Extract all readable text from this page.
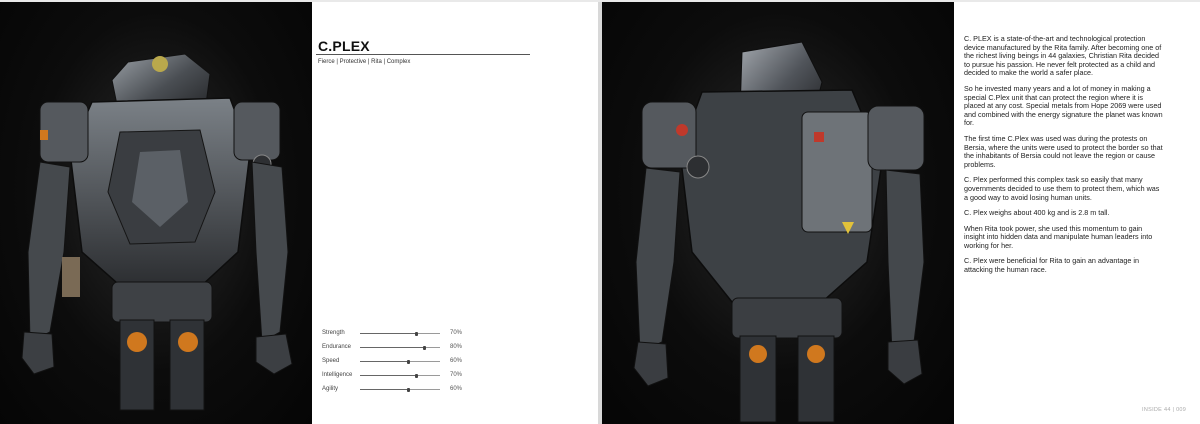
C.PLEX
Fierce | Protective | Rita | Complex
Strength	70%
Endurance	80%
Speed	60%
Intelligence	70%
Agility	60%

C. PLEX is a state-of-the-art and technological protection device manufactured by the Rita family. After becoming one of the richest living beings in 44 galaxies, Christian Rita decided to pursue his passion. He never felt protected as a child and decided to make the world a safer place.

So he invested many years and a lot of money in making a special C.Plex unit that can protect the region where it is placed at any cost. Special metals from Hope 2069 were used and combined with the energy signature the planet was known for.

The first time C.Plex was used was during the protests on Bersia, where the units were used to protect the border so that the inhabitants of Bersia could not leave the region or cause problems.

C. Plex performed this complex task so easily that many governments decided to use them to protect them, which was a good way to avoid losing human units.

C. Plex weighs about 400 kg and is 2.8 m tall.

When Rita took power, she used this momentum to gain insight into hidden data and manipulate human leaders into working for her.

C. Plex were beneficial for Rita to gain an advantage in attacking the human race.

INSIDE 44 | 009
